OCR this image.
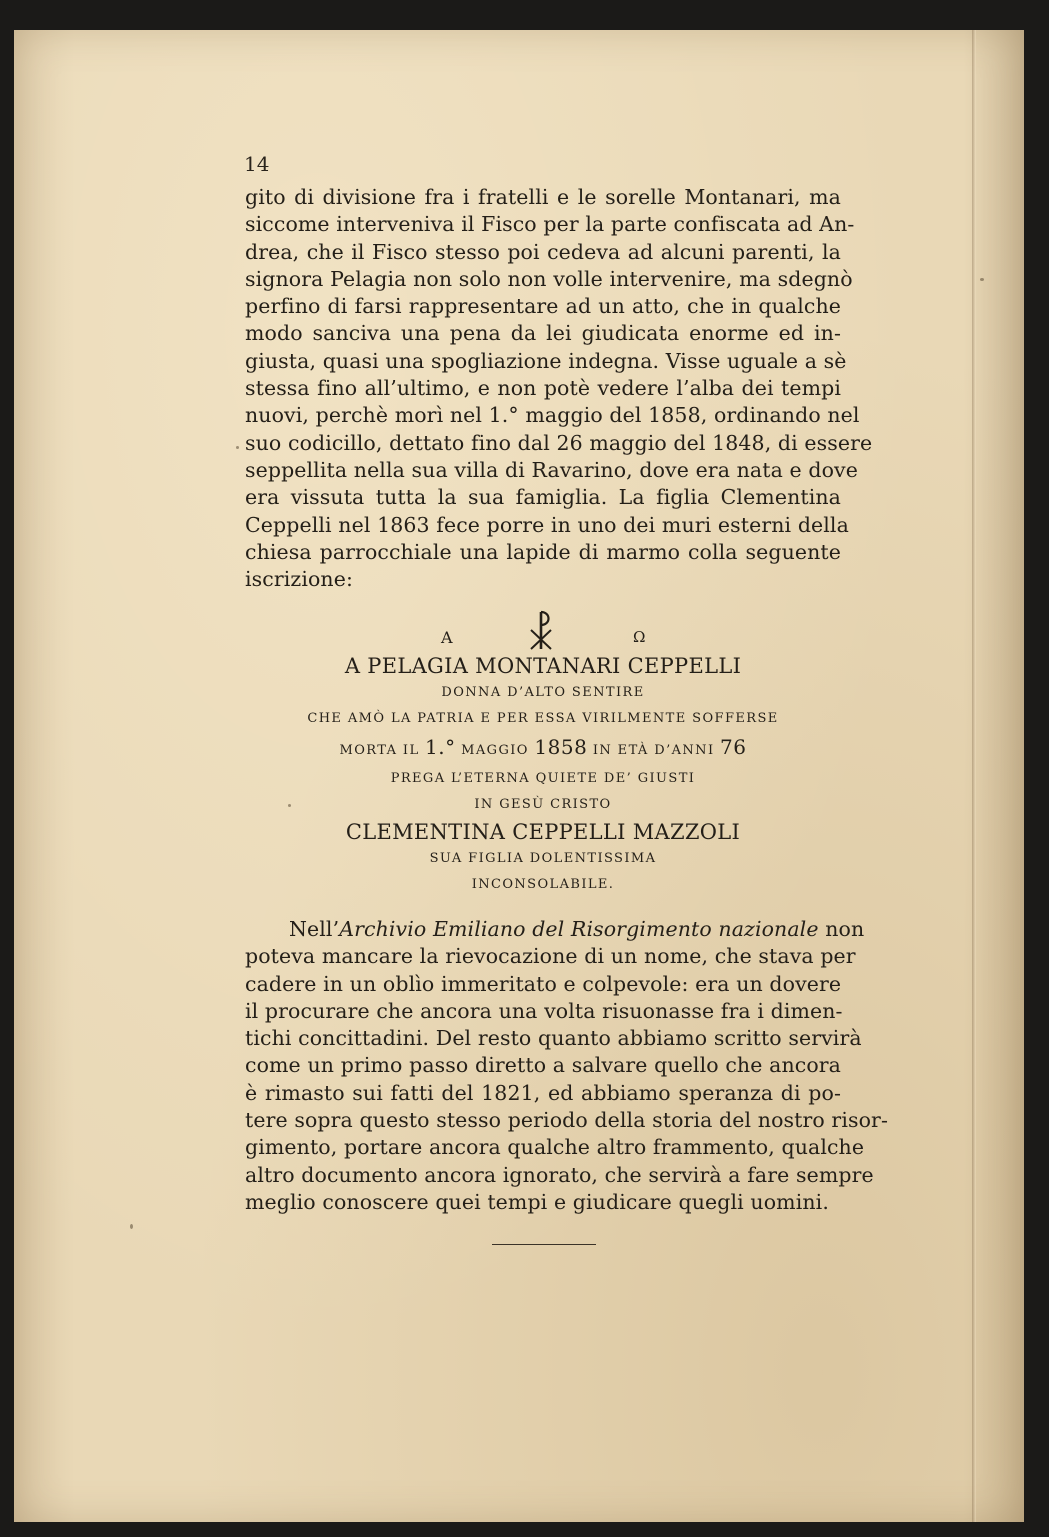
14
gito di divisione fra i fratelli e le sorelle Montanari, ma
siccome interveniva il Fisco per la parte confiscata ad An-
drea, che il Fisco stesso poi cedeva ad alcuni parenti, la
signora Pelagia non solo non volle intervenire, ma sdegnò
perfino di farsi rappresentare ad un atto, che in qualche
modo sanciva una pena da lei giudicata enorme ed in-
giusta, quasi una spogliazione indegna. Visse uguale a sè
stessa fino all’ultimo, e non potè vedere l’alba dei tempi
nuovi, perchè morì nel 1.° maggio del 1858, ordinando nel
suo codicillo, dettato fino dal 26 maggio del 1848, di essere
seppellita nella sua villa di Ravarino, dove era nata e dove
era vissuta tutta la sua famiglia. La figlia Clementina
Ceppelli nel 1863 fece porre in uno dei muri esterni della
chiesa parrocchiale una lapide di marmo colla seguente
iscrizione:
A	Ω
A PELAGIA MONTANARI CEPPELLI
DONNA D’ALTO SENTIRE
CHE AMÒ LA PATRIA E PER ESSA VIRILMENTE SOFFERSE
MORTA IL 1.° MAGGIO 1858 IN ETÀ D’ANNI 76
PREGA L’ETERNA QUIETE DE’ GIUSTI
IN GESÙ CRISTO
CLEMENTINA CEPPELLI MAZZOLI
SUA FIGLIA DOLENTISSIMA
INCONSOLABILE.
Nell’Archivio Emiliano del Risorgimento nazionale non
poteva mancare la rievocazione di un nome, che stava per
cadere in un oblìo immeritato e colpevole: era un dovere
il procurare che ancora una volta risuonasse fra i dimen-
tichi concittadini. Del resto quanto abbiamo scritto servirà
come un primo passo diretto a salvare quello che ancora
è rimasto sui fatti del 1821, ed abbiamo speranza di po-
tere sopra questo stesso periodo della storia del nostro risor-
gimento, portare ancora qualche altro frammento, qualche
altro documento ancora ignorato, che servirà a fare sempre
meglio conoscere quei tempi e giudicare quegli uomini.
